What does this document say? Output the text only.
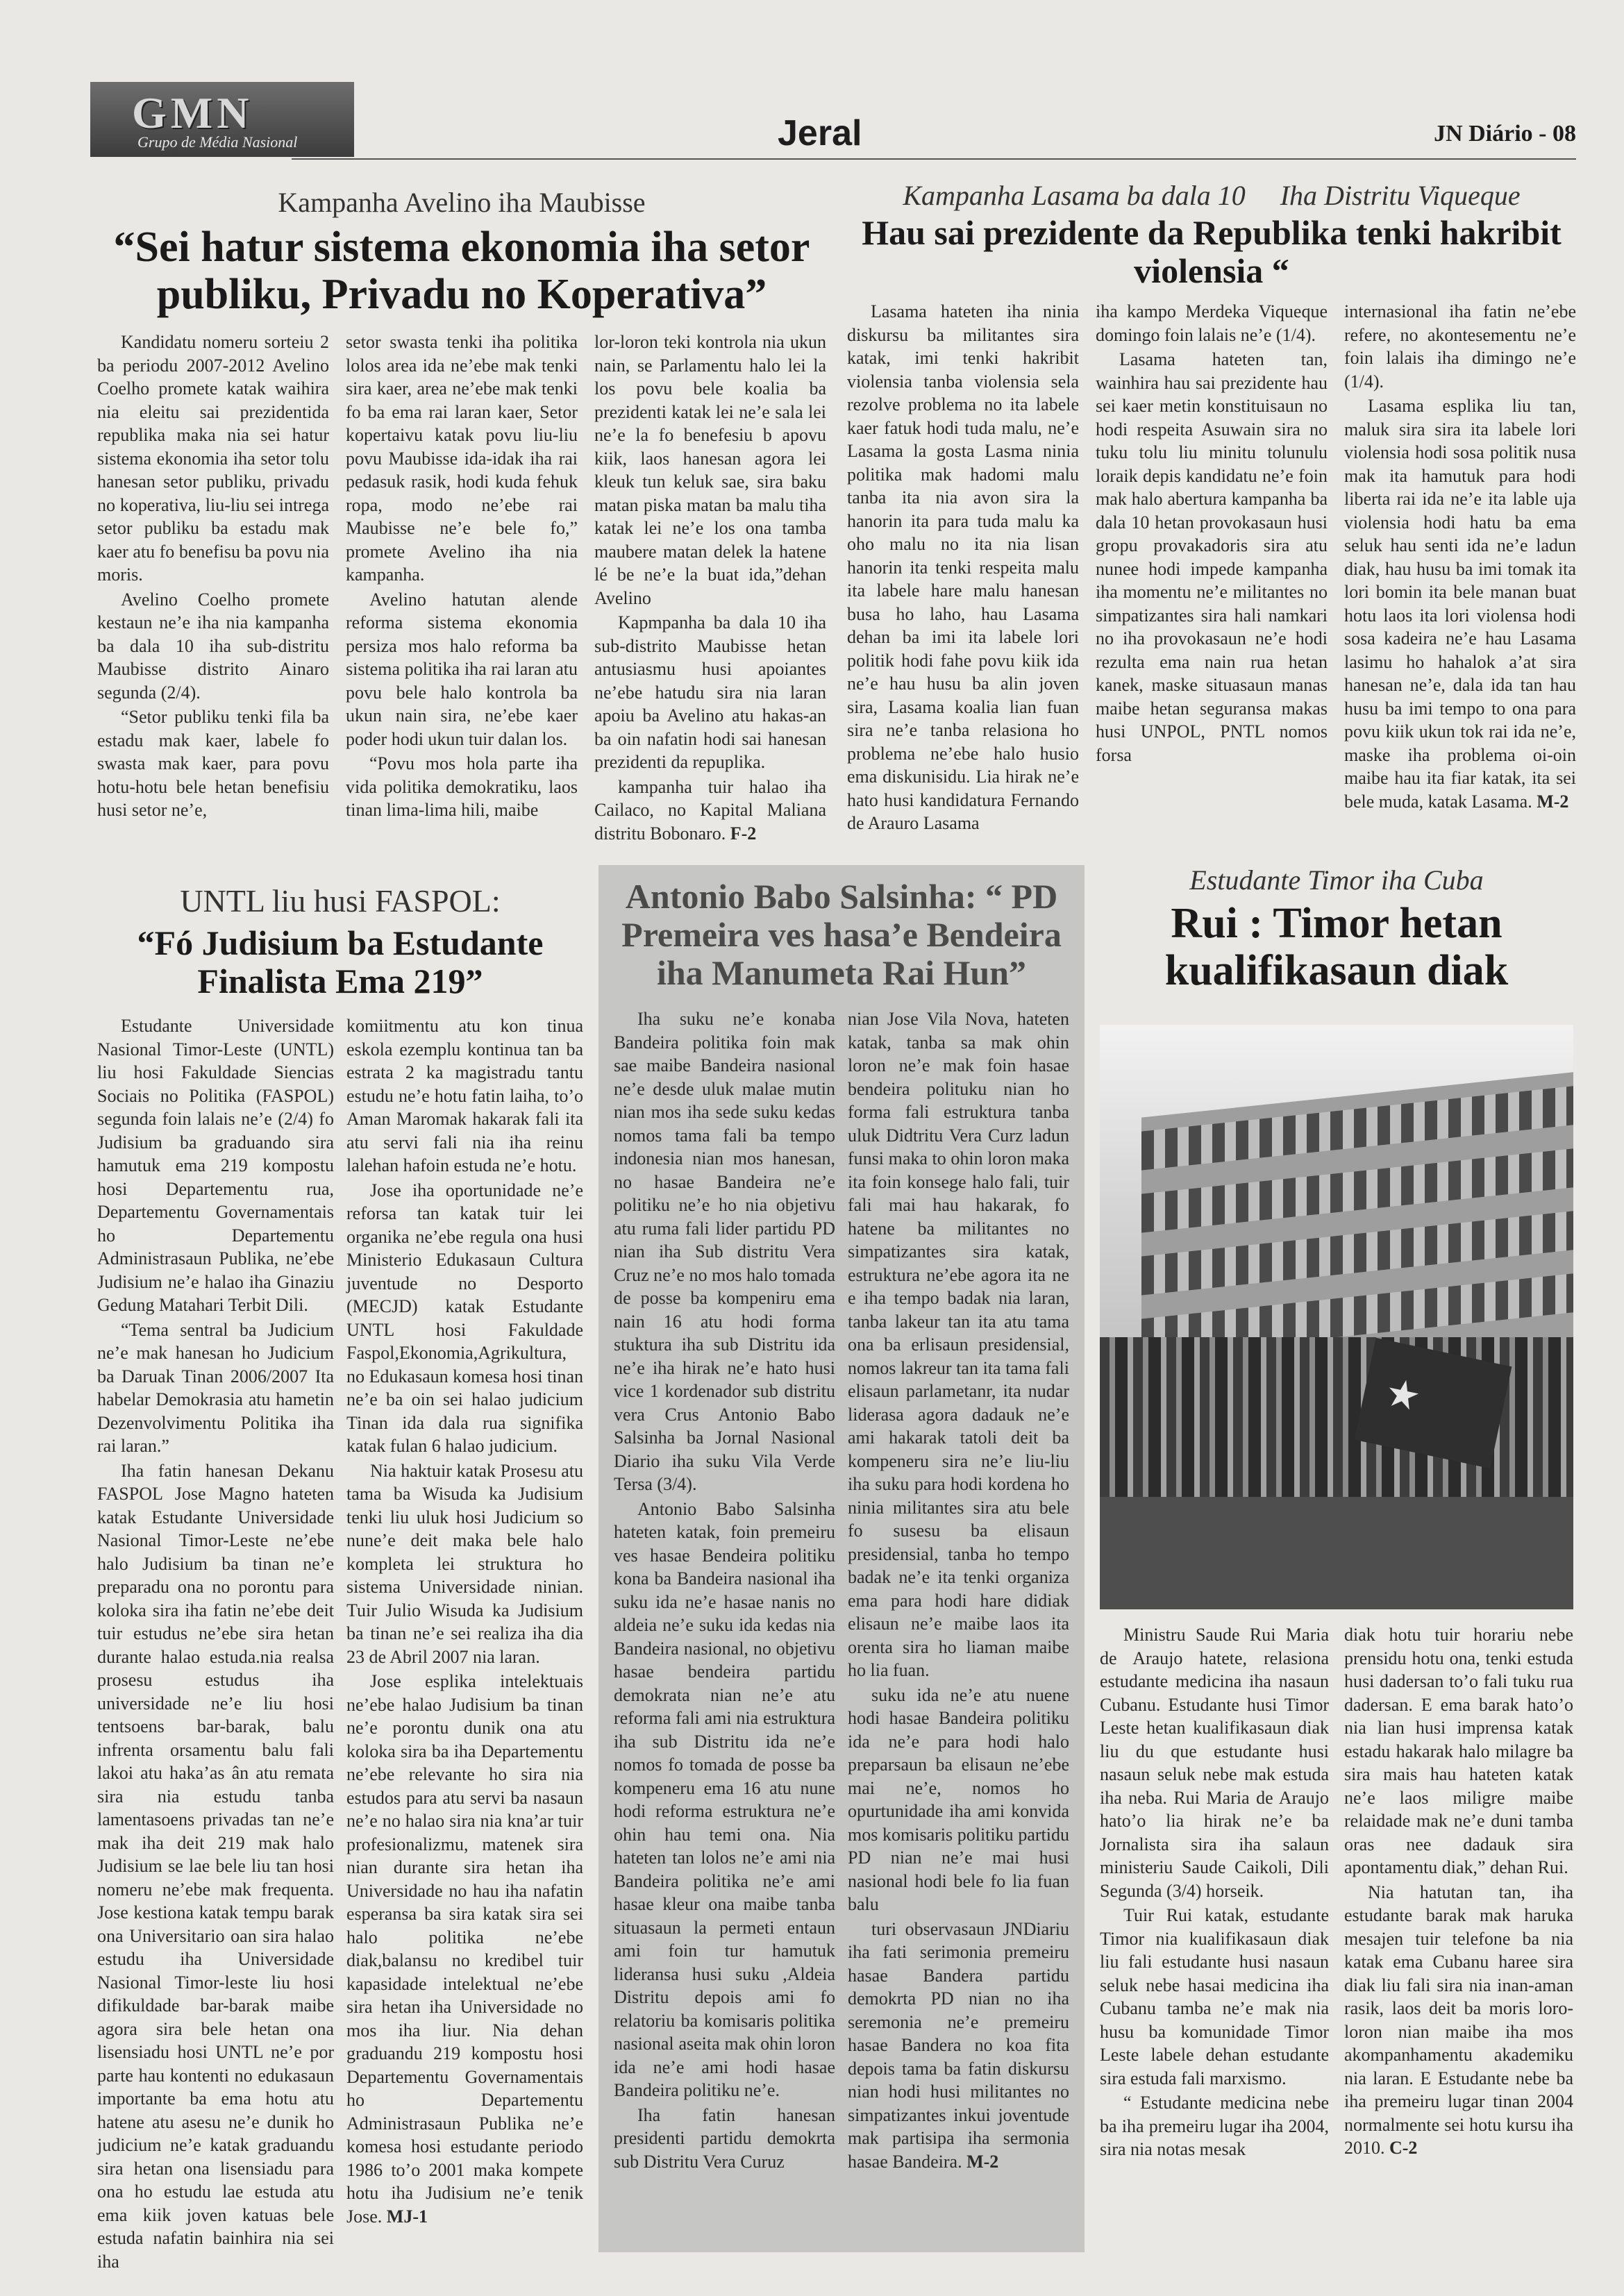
GMN
Grupo de Média Nasional	Jeral	JN Diário - 08
Kampanha Avelino iha Maubisse
“Sei hatur sistema ekonomia iha setor publiku, Privadu no Koperativa”

Kandidatu nomeru sorteiu 2 ba periodu 2007-2012 Avelino Coelho promete katak waihira nia eleitu sai prezidentida republika maka nia sei hatur sistema ekonomia iha setor tolu hanesan setor publiku, privadu no koperativa, liu-liu sei intrega setor publiku ba estadu mak kaer atu fo benefisu ba povu nia moris.

Avelino Coelho promete kestaun ne’e iha nia kampanha ba dala 10 iha sub-distritu Maubisse distrito Ainaro segunda (2/4).

“Setor publiku tenki fila ba estadu mak kaer, labele fo swasta mak kaer, para povu hotu-hotu bele hetan benefisiu husi setor ne’e,

setor swasta tenki iha politika lolos area ida ne’ebe mak tenki sira kaer, area ne’ebe mak tenki fo ba ema rai laran kaer, Setor kopertaivu katak povu liu-liu povu Maubisse ida-idak iha rai pedasuk rasik, hodi kuda fehuk ropa, modo ne’ebe rai Maubisse ne’e bele fo,” promete Avelino iha nia kampanha.

Avelino hatutan alende reforma sistema ekonomia persiza mos halo reforma ba sistema politika iha rai laran atu povu bele halo kontrola ba ukun nain sira, ne’ebe kaer poder hodi ukun tuir dalan los.

“Povu mos hola parte iha vida politika demokratiku, laos tinan lima-lima hili, maibe

lor-loron teki kontrola nia ukun nain, se Parlamentu halo lei la los povu bele koalia ba prezidenti katak lei ne’e sala lei ne’e la fo benefesiu b apovu kiik, laos hanesan agora lei kleuk tun keluk sae, sira baku matan piska matan ba malu tiha katak lei ne’e los ona tamba maubere matan delek la hatene lé be ne’e la buat ida,”dehan Avelino

Kapmpanha ba dala 10 iha sub-distrito Maubisse hetan antusiasmu husi apoiantes ne’ebe hatudu sira nia laran apoiu ba Avelino atu hakas-an ba oin nafatin hodi sai hanesan prezidenti da repuplika.

kampanha tuir halao iha Cailaco, no Kapital Maliana distritu Bobonaro. F-2

Kampanha Lasama ba dala 10     Iha Distritu Viqueque
Hau sai prezidente da Republika tenki hakribit violensia “

Lasama hateten iha ninia diskursu ba militantes sira katak, imi tenki hakribit violensia tanba violensia sela rezolve problema no ita labele kaer fatuk hodi tuda malu, ne’e Lasama la gosta Lasma ninia politika mak hadomi malu tanba ita nia avon sira la hanorin ita para tuda malu ka oho malu no ita nia lisan hanorin ita tenki respeita malu ita labele hare malu hanesan busa ho laho, hau Lasama dehan ba imi ita labele lori politik hodi fahe povu kiik ida ne’e hau husu ba alin joven sira, Lasama koalia lian fuan sira ne’e tanba relasiona ho problema ne’ebe halo husio ema diskunisidu. Lia hirak ne’e hato husi kandidatura Fernando de Arauro Lasama

iha kampo Merdeka Viqueque domingo foin lalais ne’e (1/4).

Lasama hateten tan, wainhira hau sai prezidente hau sei kaer metin konstituisaun no hodi respeita Asuwain sira no tuku tolu liu minitu tolunulu loraik depis kandidatu ne’e foin mak halo abertura kampanha ba dala 10 hetan provokasaun husi gropu provakadoris sira atu nunee hodi impede kampanha iha momentu ne’e militantes no simpatizantes sira hali namkari no iha provokasaun ne’e hodi rezulta ema nain rua hetan kanek, maske situasaun manas maibe hetan seguransa makas husi UNPOL, PNTL nomos forsa

internasional iha fatin ne’ebe refere, no akontesementu ne’e foin lalais iha dimingo ne’e (1/4).

Lasama esplika liu tan, maluk sira sira ita labele lori violensia hodi sosa politik nusa mak ita hamutuk para hodi liberta rai ida ne’e ita lable uja violensia hodi hatu ba ema seluk hau senti ida ne’e ladun diak, hau husu ba imi tomak ita lori bomin ita bele manan buat hotu laos ita lori violensa hodi sosa kadeira ne’e hau Lasama lasimu ho hahalok a’at sira hanesan ne’e, dala ida tan hau husu ba imi tempo to ona para povu kiik ukun tok rai ida ne’e, maske iha problema oi-oin maibe hau ita fiar katak, ita sei bele muda, katak Lasama. M-2

UNTL liu husi FASPOL:
“Fó Judisium ba Estudante Finalista Ema 219”

Estudante Universidade Nasional Timor-Leste (UNTL) liu hosi Fakuldade Siencias Sociais no Politika (FASPOL) segunda foin lalais ne’e (2/4) fo Judisium ba graduando sira hamutuk ema 219 kompostu hosi Departementu rua, Departementu Governamentais ho Departementu Administrasaun Publika, ne’ebe Judisium ne’e halao iha Ginaziu Gedung Matahari Terbit Dili.

“Tema sentral ba Judicium ne’e mak hanesan ho Judicium ba Daruak Tinan 2006/2007 Ita habelar Demokrasia atu hametin Dezenvolvimentu Politika iha rai laran.”

Iha fatin hanesan Dekanu FASPOL Jose Magno hateten katak Estudante Universidade Nasional Timor-Leste ne’ebe halo Judisium ba tinan ne’e preparadu ona no porontu para koloka sira iha fatin ne’ebe deit tuir estudus ne’ebe sira hetan durante halao estuda.nia realsa prosesu estudus iha universidade ne’e liu hosi tentsoens bar-barak, balu infrenta orsamentu balu fali lakoi atu haka’as ân atu remata sira nia estudu tanba lamentasoens privadas tan ne’e mak iha deit 219 mak halo Judisium se lae bele liu tan hosi nomeru ne’ebe mak frequenta. Jose kestiona katak tempu barak ona Universitario oan sira halao estudu iha Universidade Nasional Timor-leste liu hosi difikuldade bar-barak maibe agora sira bele hetan ona lisensiadu hosi UNTL ne’e por parte hau kontenti no edukasaun importante ba ema hotu atu hatene atu asesu ne’e dunik ho judicium ne’e katak graduandu sira hetan ona lisensiadu para ona ho estudu lae estuda atu ema kiik joven katuas bele estuda nafatin bainhira nia sei iha

komiitmentu atu kon tinua eskola ezemplu kontinua tan ba estrata 2 ka magistradu tantu estudu ne’e hotu fatin laiha, to’o Aman Maromak hakarak fali ita atu servi fali nia iha reinu lalehan hafoin estuda ne’e hotu.

Jose iha oportunidade ne’e reforsa tan katak tuir lei organika ne’ebe regula ona husi Ministerio Edukasaun Cultura juventude no Desporto (MECJD) katak Estudante UNTL hosi Fakuldade Faspol,Ekonomia,Agrikultura, no Edukasaun komesa hosi tinan ne’e ba oin sei halao judicium Tinan ida dala rua signifika katak fulan 6 halao judicium.

Nia haktuir katak Prosesu atu tama ba Wisuda ka Judisium tenki liu uluk hosi Judicium so nune’e deit maka bele halo kompleta lei struktura ho sistema Universidade ninian. Tuir Julio Wisuda ka Judisium ba tinan ne’e sei realiza iha dia 23 de Abril 2007 nia laran.

Jose esplika intelektuais ne’ebe halao Judisium ba tinan ne’e porontu dunik ona atu koloka sira ba iha Departementu ne’ebe relevante ho sira nia estudos para atu servi ba nasaun ne’e no halao sira nia kna’ar tuir profesionalizmu, matenek sira nian durante sira hetan iha Universidade no hau iha nafatin esperansa ba sira katak sira sei halo politika ne’ebe diak,balansu no kredibel tuir kapasidade intelektual ne’ebe sira hetan iha Universidade no mos iha liur. Nia dehan graduandu 219 kompostu hosi Departementu Governamentais ho Departementu Administrasaun Publika ne’e komesa hosi estudante periodo 1986 to’o 2001 maka kompete hotu iha Judisium ne’e tenik Jose. MJ-1

Antonio Babo Salsinha: “ PD Premeira ves hasa’e Bendeira iha Manumeta Rai Hun”

Iha suku ne’e konaba Bandeira politika foin mak sae maibe Bandeira nasional ne’e desde uluk malae mutin nian mos iha sede suku kedas nomos tama fali ba tempo indonesia nian mos hanesan, no hasae Bandeira ne’e politiku ne’e ho nia objetivu atu ruma fali lider partidu PD nian iha Sub distritu Vera Cruz ne’e no mos halo tomada de posse ba kompeniru ema nain 16 atu hodi forma stuktura iha sub Distritu ida ne’e iha hirak ne’e hato husi vice 1 kordenador sub distritu vera Crus Antonio Babo Salsinha ba Jornal Nasional Diario iha suku Vila Verde Tersa (3/4).

Antonio Babo Salsinha hateten katak, foin premeiru ves hasae Bendeira politiku kona ba Bandeira nasional iha suku ida ne’e hasae nanis no aldeia ne’e suku ida kedas nia Bandeira nasional, no objetivu hasae bendeira partidu demokrata nian ne’e atu reforma fali ami nia estruktura iha sub Distritu ida ne’e nomos fo tomada de posse ba kompeneru ema 16 atu nune hodi reforma estruktura ne’e ohin hau temi ona. Nia hateten tan lolos ne’e ami nia Bandeira politika ne’e ami hasae kleur ona maibe tanba situasaun la permeti entaun ami foin tur hamutuk lideransa husi suku ,Aldeia Distritu depois ami fo relatoriu ba komisaris politika nasional aseita mak ohin loron ida ne’e ami hodi hasae Bandeira politiku ne’e.

Iha fatin hanesan presidenti partidu demokrta sub Distritu Vera Curuz

nian Jose Vila Nova, hateten katak, tanba sa mak ohin loron ne’e mak foin hasae bendeira polituku nian ho forma fali estruktura tanba uluk Didtritu Vera Curz ladun funsi maka to ohin loron maka ita foin konsege halo fali, tuir fali mai hau hakarak, fo hatene ba militantes no simpatizantes sira katak, estruktura ne’ebe agora ita ne e iha tempo badak nia laran, tanba lakeur tan ita atu tama ona ba erlisaun presidensial, nomos lakreur tan ita tama fali elisaun parlametanr, ita nudar liderasa agora dadauk ne’e ami hakarak tatoli deit ba kompeneru sira ne’e liu-liu iha suku para hodi kordena ho ninia militantes sira atu bele fo susesu ba elisaun presidensial, tanba ho tempo badak ne’e ita tenki organiza ema para hodi hare didiak elisaun ne’e maibe laos ita orenta sira ho liaman maibe ho lia fuan.

suku ida ne’e atu nuene hodi hasae Bandeira politiku ida ne’e para hodi halo preparsaun ba elisaun ne’ebe mai ne’e, nomos ho opurtunidade iha ami konvida mos komisaris politiku partidu PD nian ne’e mai husi nasional hodi bele fo lia fuan balu

turi observasaun JNDiariu iha fati serimonia premeiru hasae Bandera partidu demokrta PD nian no iha seremonia ne’e premeiru hasae Bandera no koa fita depois tama ba fatin diskursu nian hodi husi militantes no simpatizantes inkui joventude mak partisipa iha sermonia hasae Bandeira. M-2

Estudante Timor iha Cuba
Rui : Timor hetan kualifikasaun diak
★

Ministru Saude Rui Maria de Araujo hatete, relasiona estudante medicina iha nasaun Cubanu. Estudante husi Timor Leste hetan kualifikasaun diak liu du que estudante husi nasaun seluk nebe mak estuda iha neba. Rui Maria de Araujo hato’o lia hirak ne’e ba Jornalista sira iha salaun ministeriu Saude Caikoli, Dili Segunda (3/4) horseik.

Tuir Rui katak, estudante Timor nia kualifikasaun diak liu fali estudante husi nasaun seluk nebe hasai medicina iha Cubanu tamba ne’e mak nia husu ba komunidade Timor Leste labele dehan estudante sira estuda fali marxismo.

“ Estudante medicina nebe ba iha premeiru lugar iha 2004, sira nia notas mesak

diak hotu tuir horariu nebe prensidu hotu ona, tenki estuda husi dadersan to’o fali tuku rua dadersan. E ema barak hato’o nia lian husi imprensa katak estadu hakarak halo milagre ba sira mais hau hateten katak ne’e laos miligre maibe relaidade mak ne’e duni tamba oras nee dadauk sira apontamentu diak,” dehan Rui.

Nia hatutan tan, iha estudante barak mak haruka mesajen tuir telefone ba nia katak ema Cubanu haree sira diak liu fali sira nia inan-aman rasik, laos deit ba moris loro-loron nian maibe iha mos akompanhamentu akademiku nia laran. E Estudante nebe ba iha premeiru lugar tinan 2004 normalmente sei hotu kursu iha 2010. C-2
